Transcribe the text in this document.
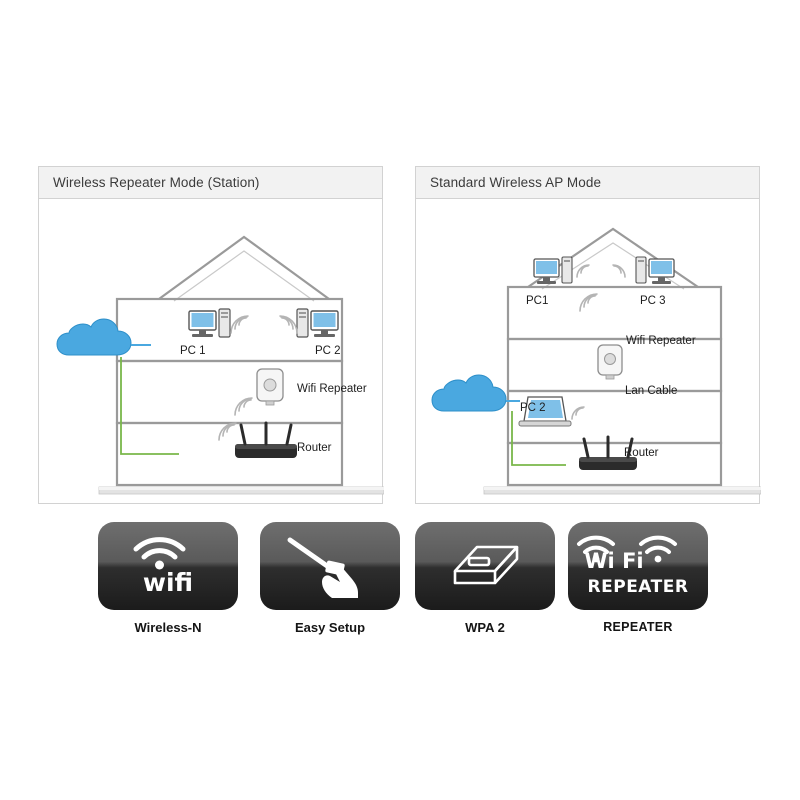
Wireless Repeater Mode (Station)
PC 1	PC 2
Wifi Repeater
Router
Internet
Standard Wireless AP Mode
PC1	PC 3
Wifi Repeater
PC 2
Lan Cable
Router
Internet
wifi
Wireless-N	Easy Setup	WPA 2
Wi Fi
REPEATER
REPEATER
